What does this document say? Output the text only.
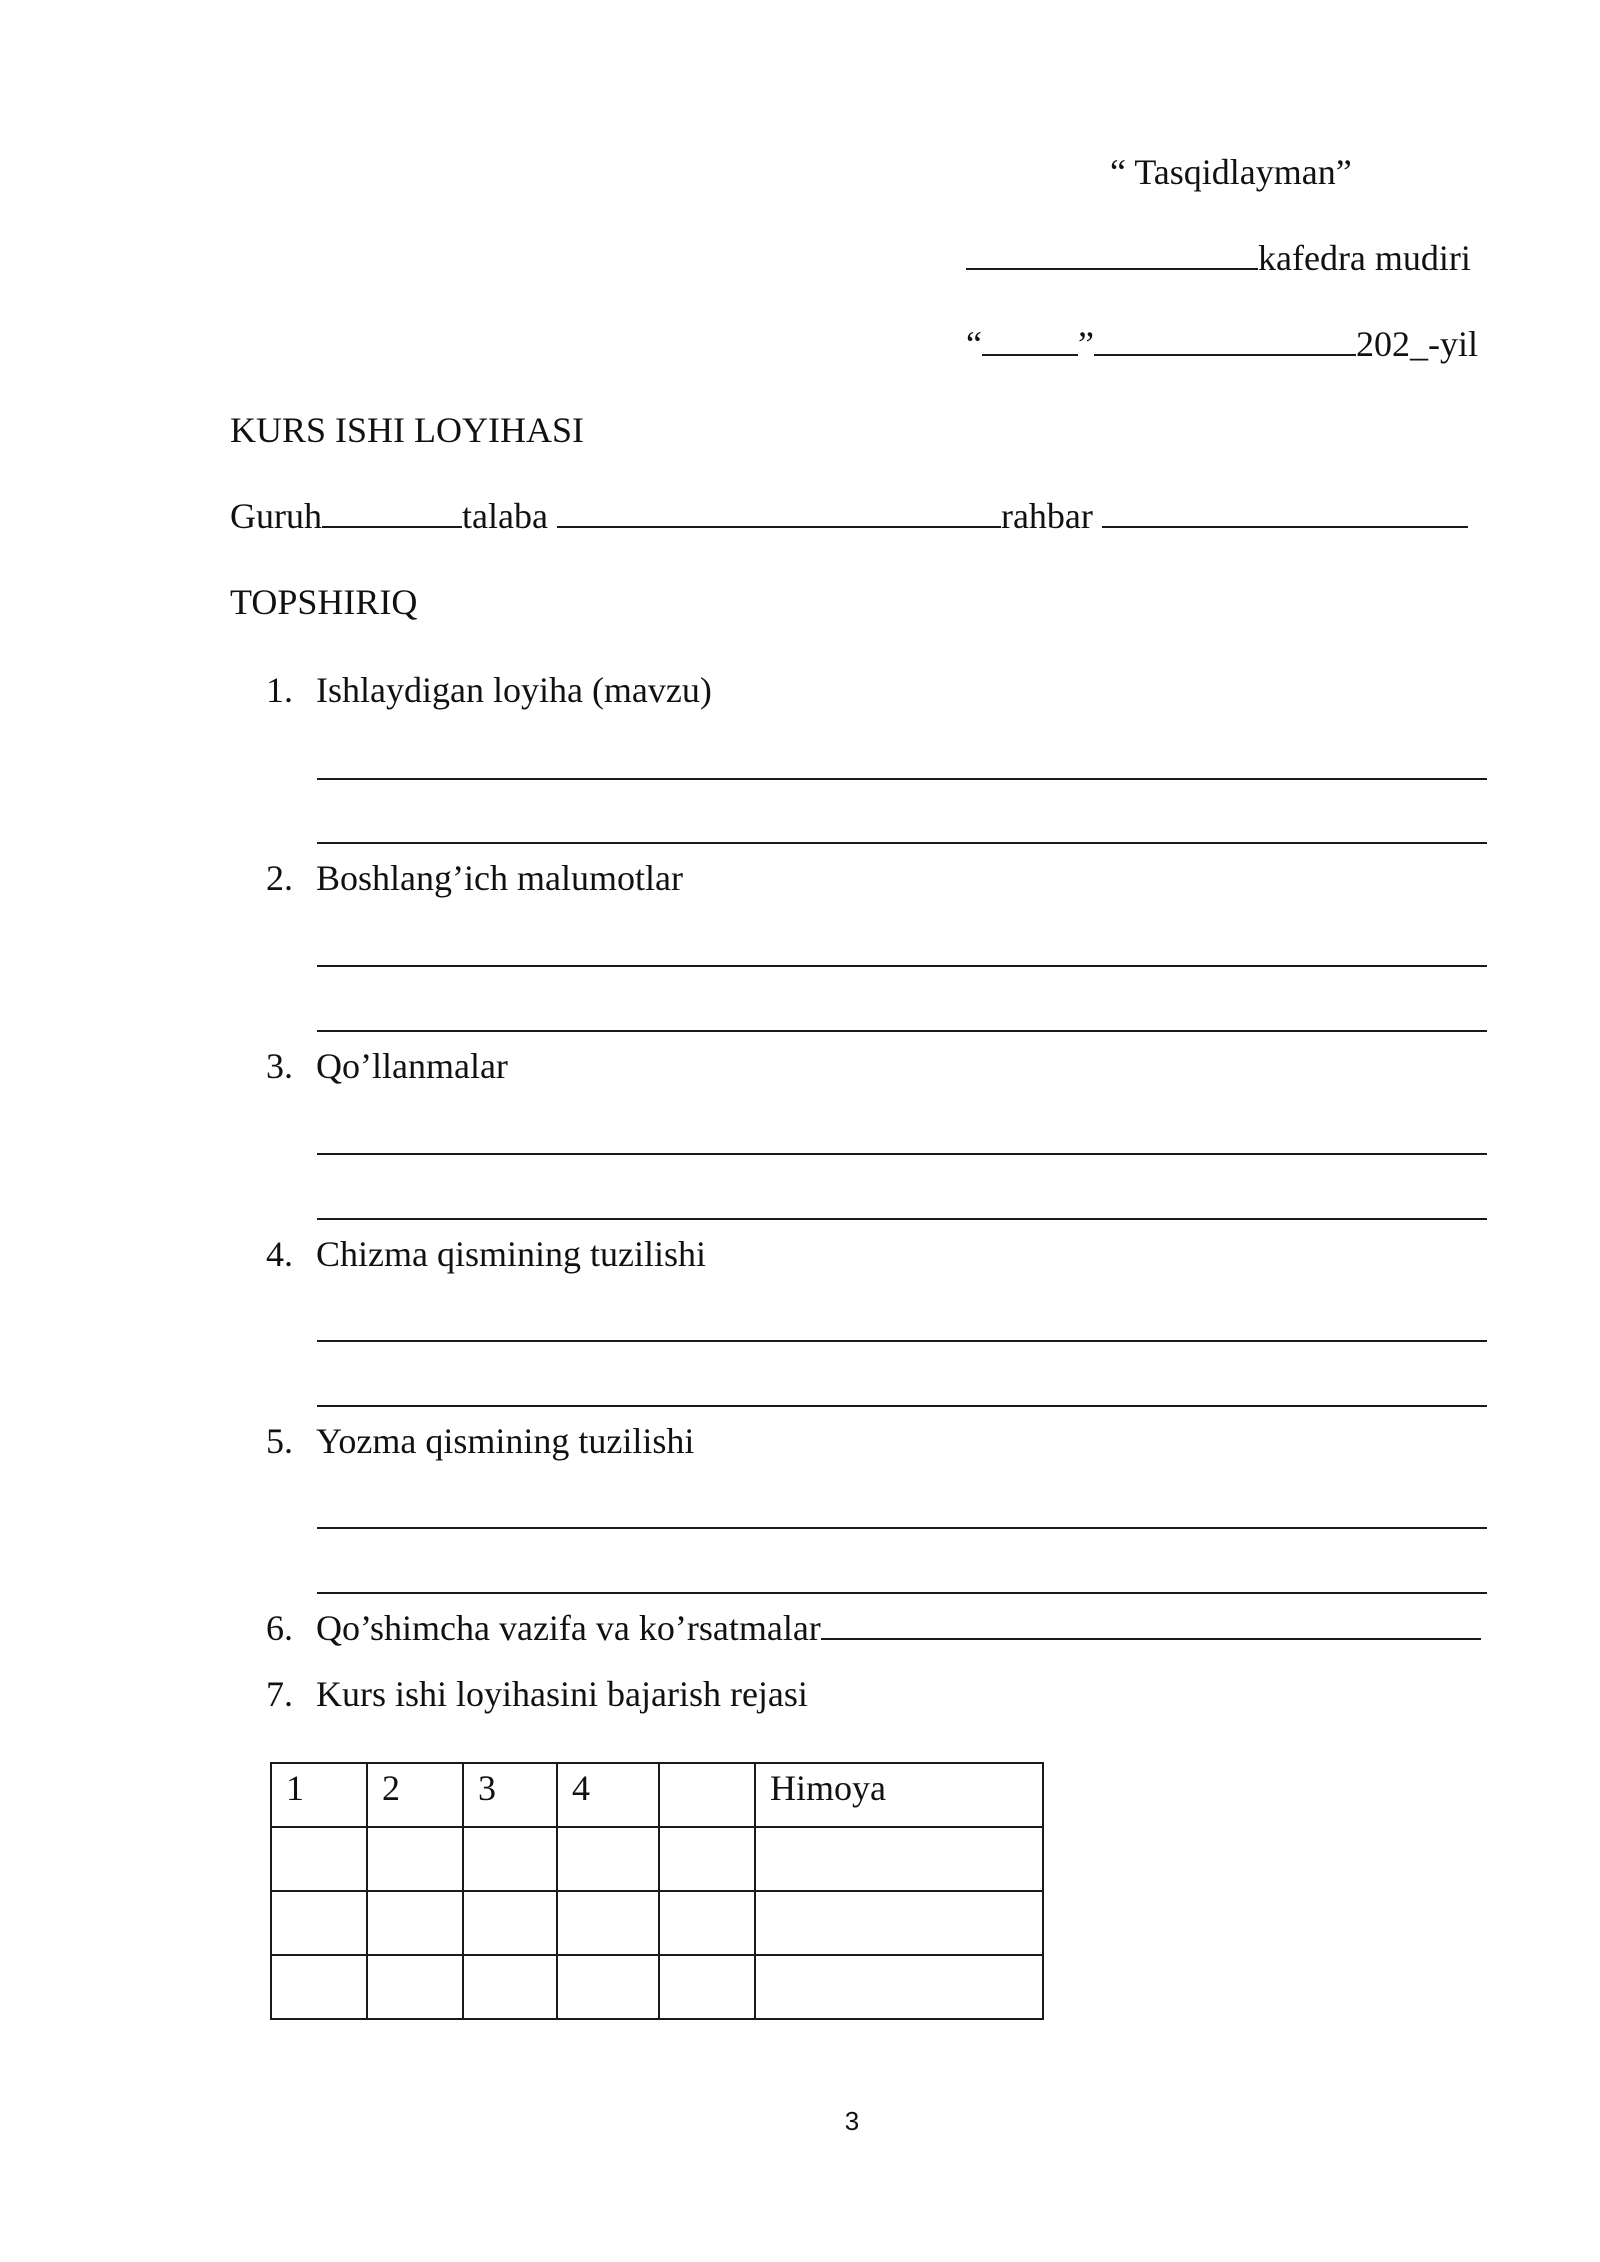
“ Tasqidlayman”
kafedra mudiri
“	”	202_-yil
KURS ISHI LOYIHASI
Guruh	talaba	rahbar
TOPSHIRIQ
1. Ishlaydigan loyiha (mavzu)
2. Boshlang’ich malumotlar
3. Qo’llanmalar
4. Chizma qismining tuzilishi
5. Yozma qismining tuzilishi
6. Qo’shimcha vazifa va ko’rsatmalar
7. Kurs ishi loyihasini bajarish rejasi
1	2	3	4		Himoya

3
